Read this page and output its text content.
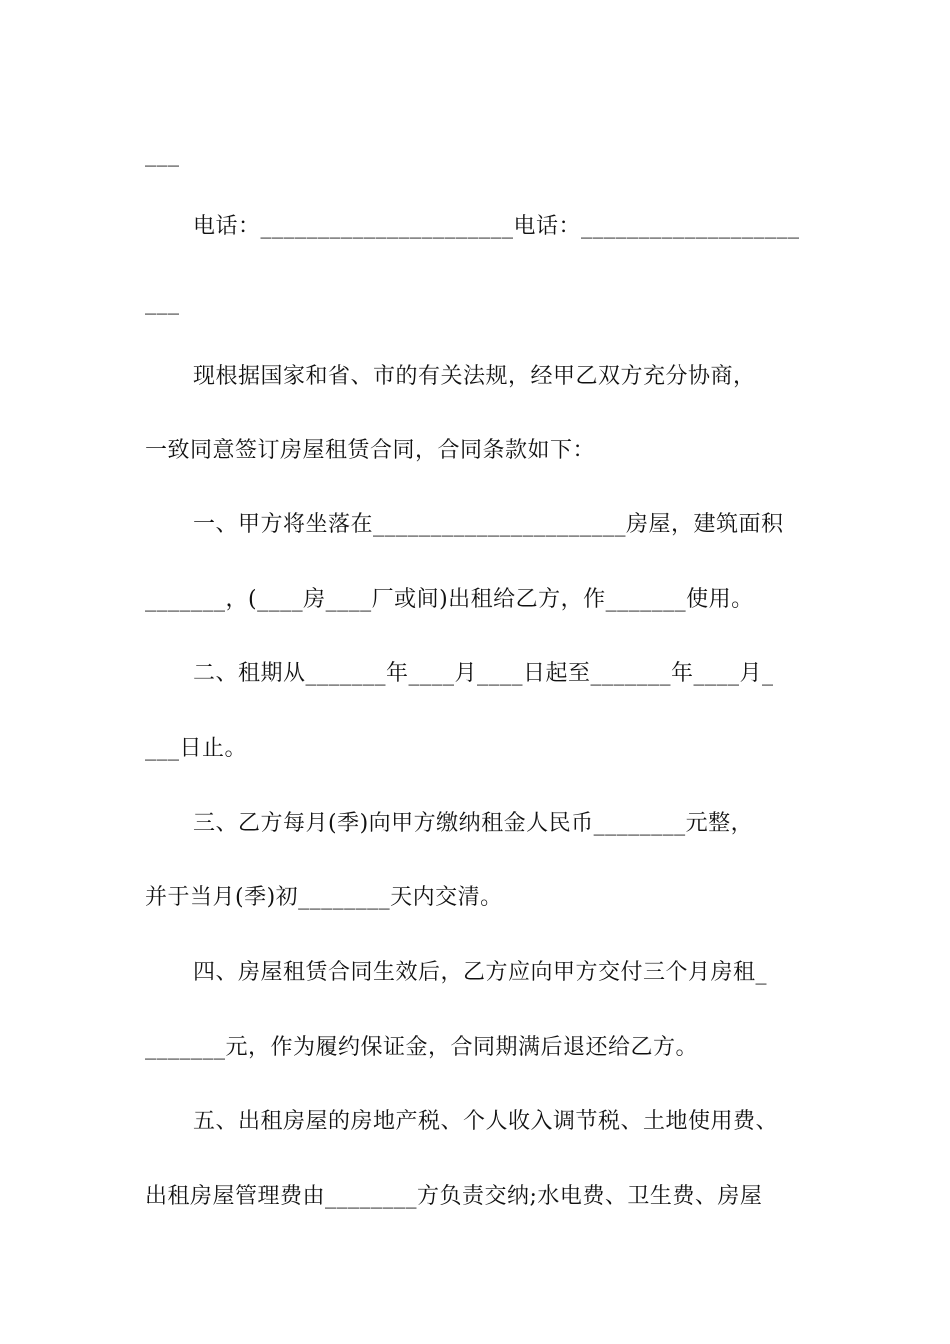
___

电话：______________________电话：___________________

___

现根据国家和省、市的有关法规，经甲乙双方充分协商，

一致同意签订房屋租赁合同，合同条款如下：

一、甲方将坐落在______________________房屋，建筑面积

_______，(____房____厂或间)出租给乙方，作_______使用。

二、租期从_______年____月____日起至_______年____月_

___日止。

三、乙方每月(季)向甲方缴纳租金人民币________元整，

并于当月(季)初________天内交清。

四、房屋租赁合同生效后，乙方应向甲方交付三个月房租_

_______元，作为履约保证金，合同期满后退还给乙方。

五、出租房屋的房地产税、个人收入调节税、土地使用费、

出租房屋管理费由________方负责交纳;水电费、卫生费、房屋
